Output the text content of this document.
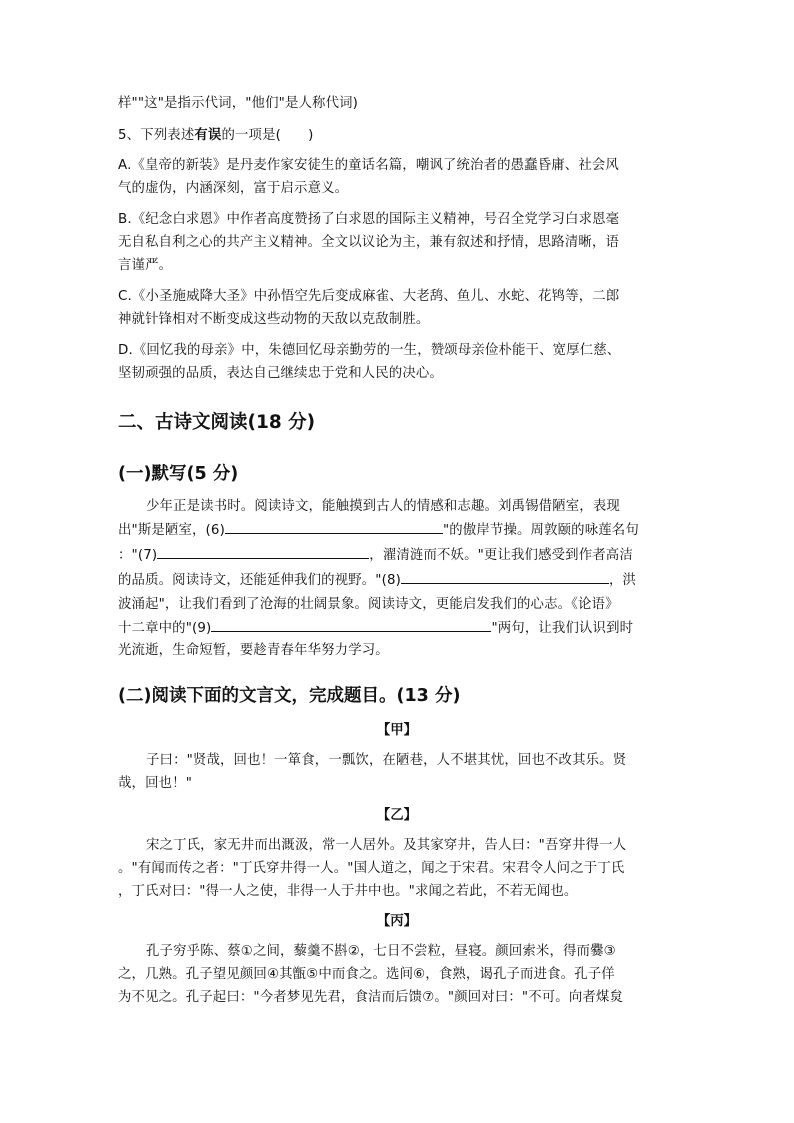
样""这"是指示代词，"他们"是人称代词)
5、下列表述有误的一项是(　　)
A.《皇帝的新装》是丹麦作家安徒生的童话名篇，嘲讽了统治者的愚蠢昏庸、社会风
气的虚伪，内涵深刻，富于启示意义。
B.《纪念白求恩》中作者高度赞扬了白求恩的国际主义精神，号召全党学习白求恩毫
无自私自利之心的共产主义精神。全文以议论为主，兼有叙述和抒情，思路清晰，语
言谨严。
C.《小圣施威降大圣》中孙悟空先后变成麻雀、大老鸹、鱼儿、水蛇、花鸨等，二郎
神就针锋相对不断变成这些动物的天敌以克敌制胜。
D.《回忆我的母亲》中，朱德回忆母亲勤劳的一生，赞颂母亲俭朴能干、宽厚仁慈、
坚韧顽强的品质，表达自己继续忠于党和人民的决心。
二、古诗文阅读(18 分)
(一)默写(5 分)
少年正是读书时。阅读诗文，能触摸到古人的情感和志趣。刘禹锡借陋室，表现
出"斯是陋室，(6)	"的傲岸节操。周敦颐的咏莲名句
："(7)	，濯清涟而不妖。"更让我们感受到作者高洁
的品质。阅读诗文，还能延伸我们的视野。"(8)	，洪
波涌起"，让我们看到了沧海的壮阔景象。阅读诗文，更能启发我们的心志。《论语》
十二章中的"(9)	"两句，让我们认识到时
光流逝，生命短暂，要趁青春年华努力学习。
(二)阅读下面的文言文，完成题目。(13 分)
【甲】
子曰："贤哉，回也！一箪食，一瓢饮，在陋巷，人不堪其忧，回也不改其乐。贤
哉，回也！"
【乙】
宋之丁氏，家无井而出溉汲，常一人居外。及其家穿井，告人曰："吾穿井得一人
。"有闻而传之者："丁氏穿井得一人。"国人道之，闻之于宋君。宋君令人问之于丁氏
，丁氏对曰："得一人之使，非得一人于井中也。"求闻之若此，不若无闻也。
【丙】
孔子穷乎陈、蔡①之间，藜羹不斟②，七日不尝粒，昼寝。颜回索米，得而爨③
之，几熟。孔子望见颜回④其甑⑤中而食之。选间⑥，食熟，谒孔子而进食。孔子佯
为不见之。孔子起曰："今者梦见先君，食洁而后馈⑦。"颜回对曰："不可。向者煤炱
